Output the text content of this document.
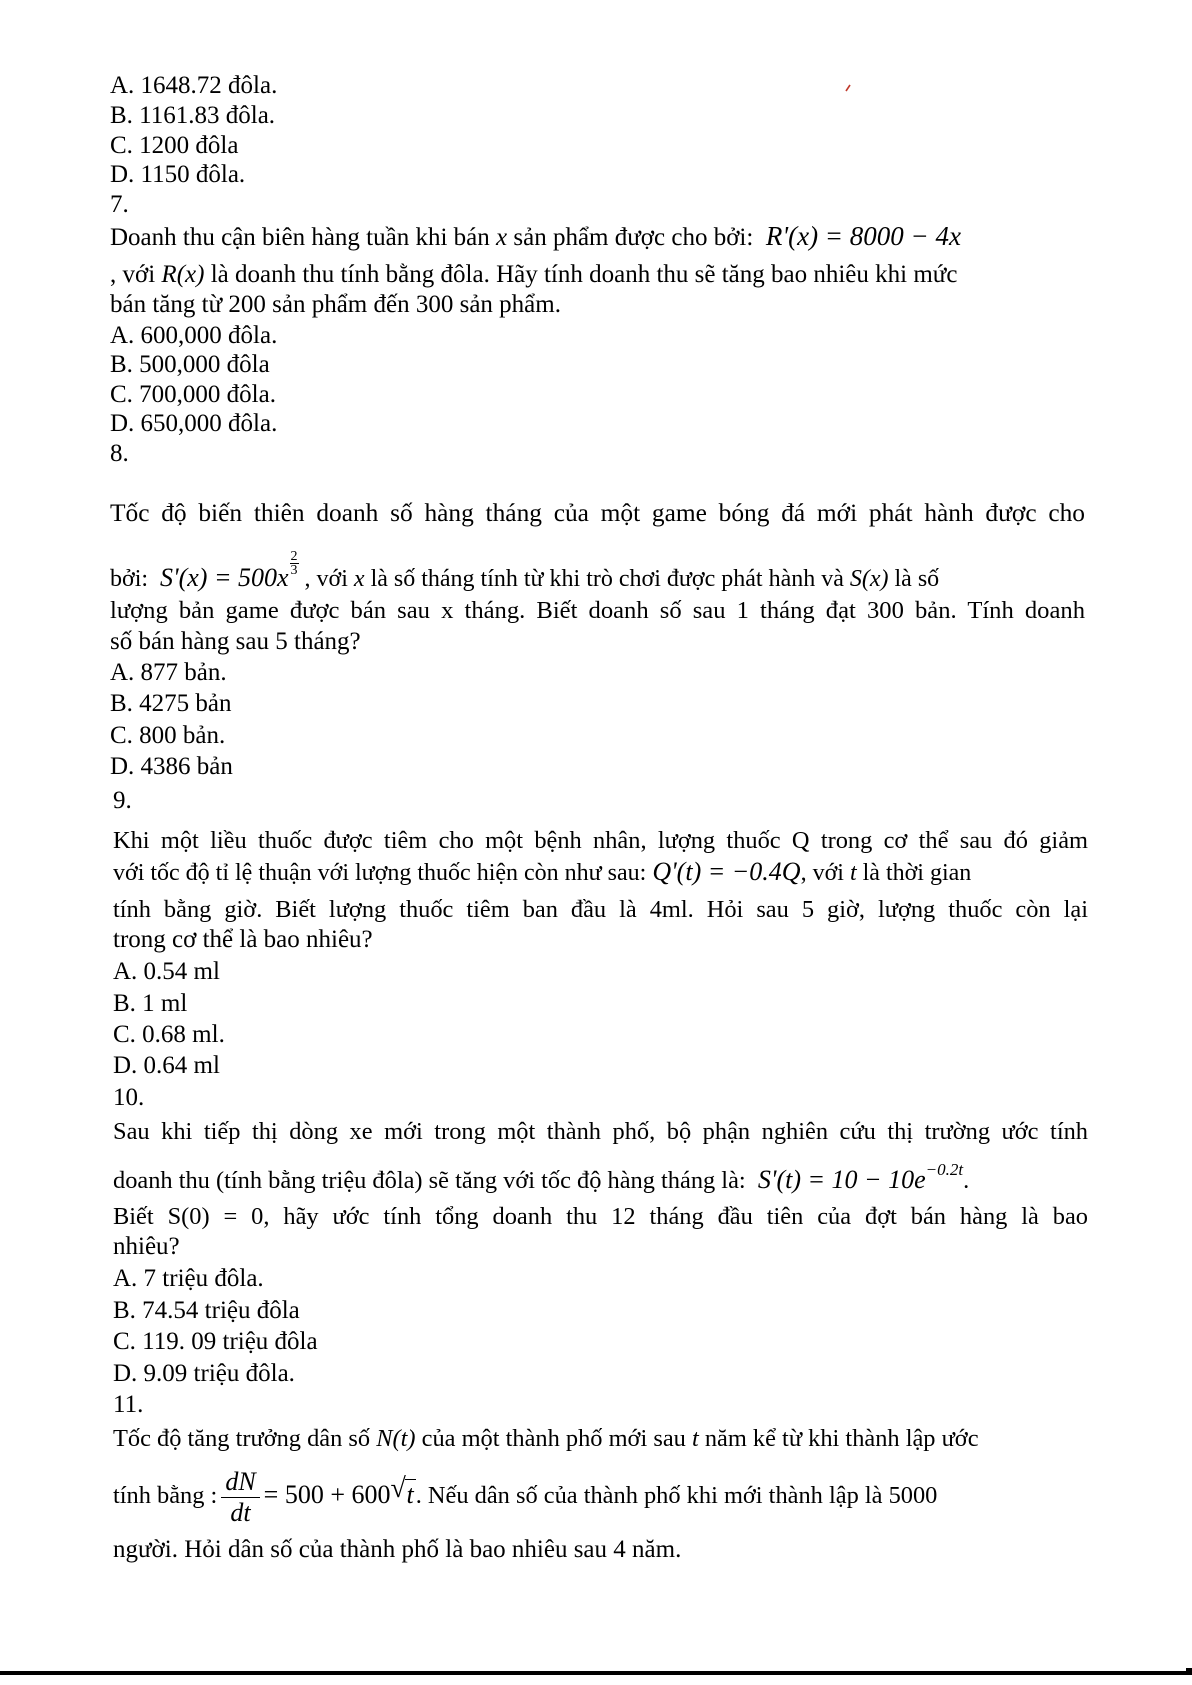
A. 1648.72 đôla.
B. 1161.83 đôla.
C. 1200 đôla
D. 1150 đôla.
7.
Doanh thu cận biên hàng tuần khi bán x sản phẩm được cho bởi: R'(x) = 8000 − 4x
, với R(x) là doanh thu tính bằng đôla. Hãy tính doanh thu sẽ tăng bao nhiêu khi mức
bán tăng từ 200 sản phẩm đến 300 sản phẩm.
A. 600,000 đôla.
B. 500,000 đôla
C. 700,000 đôla.
D. 650,000 đôla.
8.
Tốc độ biến thiên doanh số hàng tháng của một game bóng đá mới phát hành được cho
bởi: $S'(x) = 500x \frac{2}{3}$
, với x là số tháng tính từ khi trò chơi được phát hành và S(x) là số
lượng bản game được bán sau x tháng. Biết doanh số sau 1 tháng đạt 300 bản. Tính doanh
số bán hàng sau 5 tháng?
A. 877 bản.
B. 4275 bản
C. 800 bản.
D. 4386 bản
9.
Khi một liều thuốc được tiêm cho một bệnh nhân, lượng thuốc Q trong cơ thể sau đó giảm
với tốc độ tỉ lệ thuận với lượng thuốc hiện còn như sau: Q'(t) = −0.4Q, với t là thời gian
tính bằng giờ. Biết lượng thuốc tiêm ban đầu là 4ml. Hỏi sau 5 giờ, lượng thuốc còn lại
trong cơ thể là bao nhiêu?
A. 0.54 ml
B. 1 ml
C. 0.68 ml.
D. 0.64 ml
10.
Sau khi tiếp thị dòng xe mới trong một thành phố, bộ phận nghiên cứu thị trường ước tính
doanh thu (tính bằng triệu đôla) sẽ tăng với tốc độ hàng tháng là: $S'(t) = 10 - 10e^{-0.2t}$.
Biết S(0) = 0, hãy ước tính tổng doanh thu 12 tháng đầu tiên của đợt bán hàng là bao
nhiêu?
A. 7 triệu đôla.
B. 74.54 triệu đôla
C. 119. 09 triệu đôla
D. 9.09 triệu đôla.
11.
Tốc độ tăng trưởng dân số N(t) của một thành phố mới sau t năm kể từ khi thành lập ước
tính bằng : $\frac{dN}{dt} = 500 + 600$ √ t. Nếu dân số của thành phố khi mới thành lập là 5000
người. Hỏi dân số của thành phố là bao nhiêu sau 4 năm.
